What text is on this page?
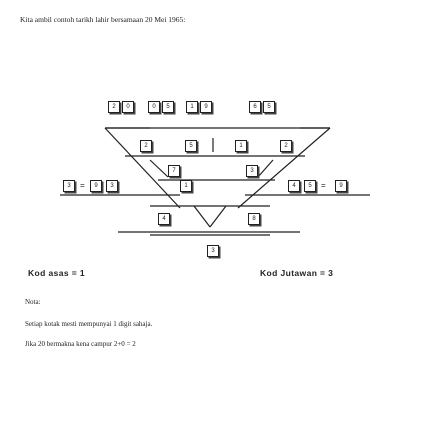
Kita ambil contoh tarikh lahir bersamaan 20 Mei 1965:
2	0	0	5	1	9	6	5
2	5	1	2
7	3
3	=	9	3	1	4	5	=	9
4	8
3
Kod asas = 1	Kod Jutawan = 3
Nota:
Setiap kotak mesti mempunyai 1 digit sahaja.
Jika 20 bermakna kena campur 2+0 = 2
